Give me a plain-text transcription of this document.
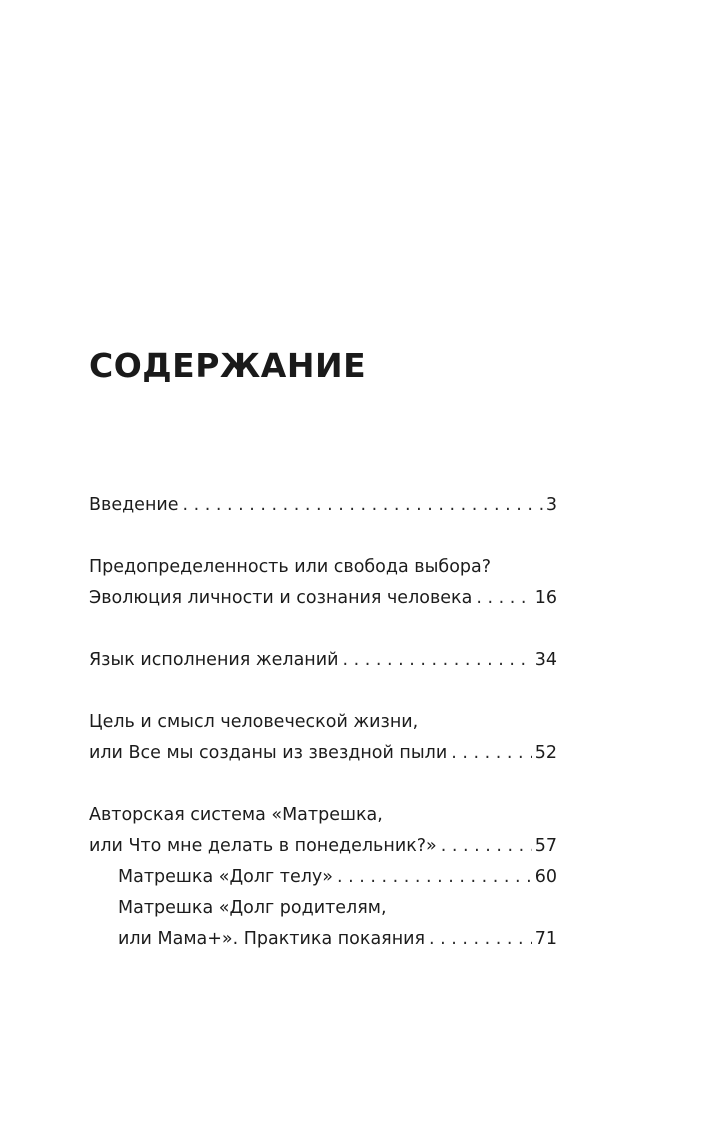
СОДЕРЖАНИЕ
Введение . . .	3
Предопределенность или свобода выбора?
Эволюция личности и сознания человека . . .	16
Язык исполнения желаний . . .	34
Цель и смысл человеческой жизни,
или Все мы созданы из звездной пыли . . .	52
Авторская система «Матрешка,
или Что мне делать в понедельник?» . . .	57
Матрешка «Долг телу» . . .	60
Матрешка «Долг родителям,
или Мама+». Практика покаяния . . .	71
